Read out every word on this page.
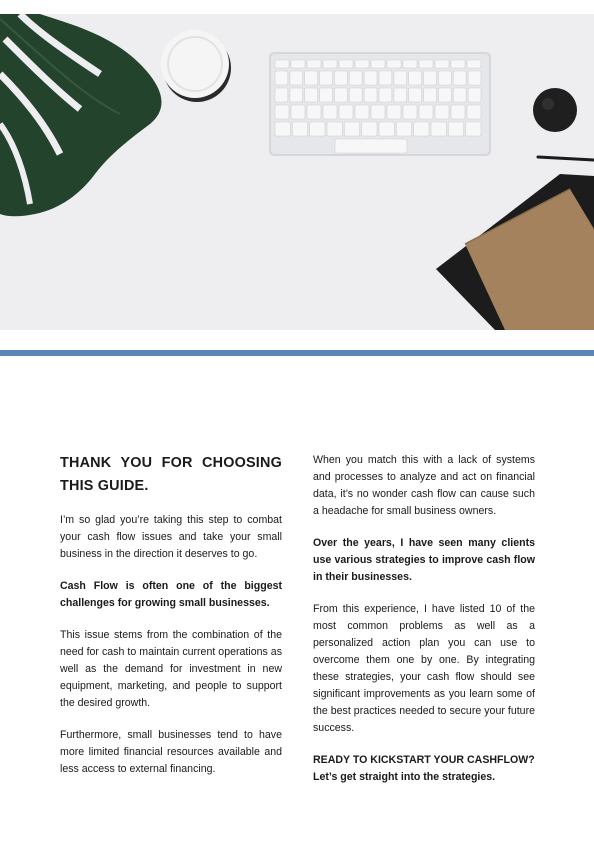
THANK YOU FOR CHOOSING THIS GUIDE.

I’m so glad you’re taking this step to combat your cash flow issues and take your small business in the direction it deserves to go.

Cash Flow is often one of the biggest challenges for growing small businesses.

This issue stems from the combination of the need for cash to maintain current operations as well as the demand for investment in new equipment, marketing, and people to support the desired growth.

Furthermore, small businesses tend to have more limited financial resources available and less access to external financing.

When you match this with a lack of systems and processes to analyze and act on financial data, it’s no wonder cash flow can cause such a headache for small business owners.

Over the years, I have seen many clients use various strategies to improve cash flow in their businesses.

From this experience, I have listed 10 of the most common problems as well as a personalized action plan you can use to overcome them one by one. By integrating these strategies, your cash flow should see significant improvements as you learn some of the best practices needed to secure your future success.

READY TO KICKSTART YOUR CASHFLOW?
Let’s get straight into the strategies.
